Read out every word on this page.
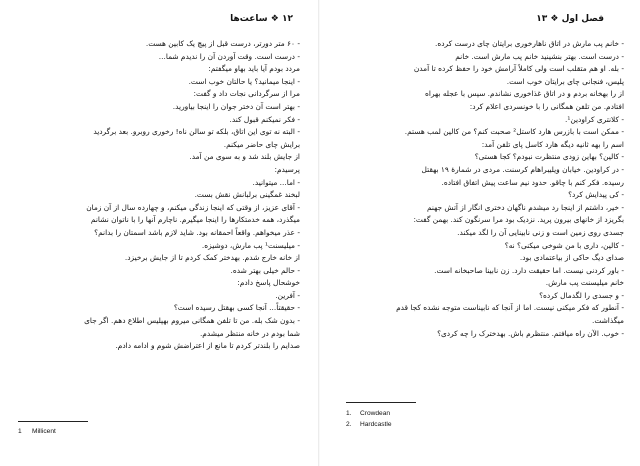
۱۲ ❖ ساعت‌ها
- ۶۰ متر دورتر، درست قبل از پیچ یک کابین هست.
- درست است. وقت آوردن آن را ندیدم شما...
مردد بودم آیا باید بهاو میگفتم:
- اینجا میمانید؟ یا حالتان خوب است.
مرا از سرگردانی نجات داد و گفت:
- بهتر است آن دختر جوان را اینجا بیاورید.
- فکر نمیکنم قبول کند.
- البته نه توی این اتاق، بلکه تو سالن ناه! رخوری روبرو. بعد برگردید
برایش چای حاضر میکنم.
از جایش بلند شد و به سوی من آمد.
پرسیدم:
- اما... میتوانید.
لبخند غمگینی برلبانش نقش بست.
- آقای عزیز، از وقتی که اینجا زندگی میکنم، و چهارده سال از آن زمان
میگذرد، همه خدمتکارها را اینجا میگیرم. ناچارم آنها را با ناتوان نشانم
- عذر میخواهم. واقعاً احمقانه بود. شاید لازم باشد اسمتان را بدانم؟
- میلیسنت¹ پب مارش، دوشیزه.
از خانه خارج شدم. بهدختر کمک کردم تا از جایش برخیزد.
- حالم خیلی بهتر شده.
خوشحال پاسخ دادم:
- آفرین.
- حقیقتاً... آنجا کسی بهقتل رسیده است؟
- بدون شک بله. من تا تلفن همگانی میروم بهپلیس اطلاع دهم. اگر جای
شما بودم در خانه منتظر میشدم.
صدایم را بلندتر کردم تا مانع از اعتراضش شوم و ادامه دادم.
1 Millicent
فصل اول ❖ ۱۳
- خانم پب مارش در اتاق ناهارخوری برایتان چای درست کرده.
- درست است. بهتر بنشینید خانم پب مارش است. خانم
- بله. او هم متقلب است ولی کاملاً آرامش خود را حفظ کرده تا آمدن
پلیس، فنجانی چای برایتان خوب است.
از را بهخانه بردم و در اتاق غذاخوری نشاندم. سپس با عجله بهراه
افتادم. من تلفن همگانی را با خونسردی اعلام کرد:
- کلانتری کراودین¹.
- ممکن است با بازرس هارد کاستل² صحبت کنم؟ من کالین لمب هستم.
اسم را بهه ثانیه دیگه هارد کاسل پای تلفن آمد:
- کالین؟ بهاین زودی منتظرت نبودم؟ کجا هستی؟
- در کراودین. خیابان ویلیبراهام کرسنت. مردی در شمارهٔ ۱۹ بهقتل
رسیده. فکر کنم با چاقو. حدود نیم ساعت پیش اتفاق افتاده.
- کی پیدایش کرد؟
- خیر، داشتم از اینجا رد میشدم ناگهان دختری انگار از آتش جهنم
بگریزد از خانهای بیرون پرید. نزدیک بود مرا سرنگون کند. بهمن گفت:
جسدی روی زمین است و زنی نابینایی آن را لگد میکند.
- کالین، داری با من شوخی میکنی؟ نه؟
صدای دیگ حاکی از بیاعتمادی بود.
- باور کردنی نیست. اما حقیقت دارد. زن نابینا صاحبخانه است.
خانم میلیسنت پب مارش.
- و جسدی را لگدمال کرده؟
- آنطور که فکر میکنی نیست. اما از آنجا که نابیناست متوجه نشده کجا قدم
میگذاشت.
- خوب. الآن راه میافتم. منتظرم باش. بهدخترک را چه کردی؟
1. Crowdean
2. Hardcastle
